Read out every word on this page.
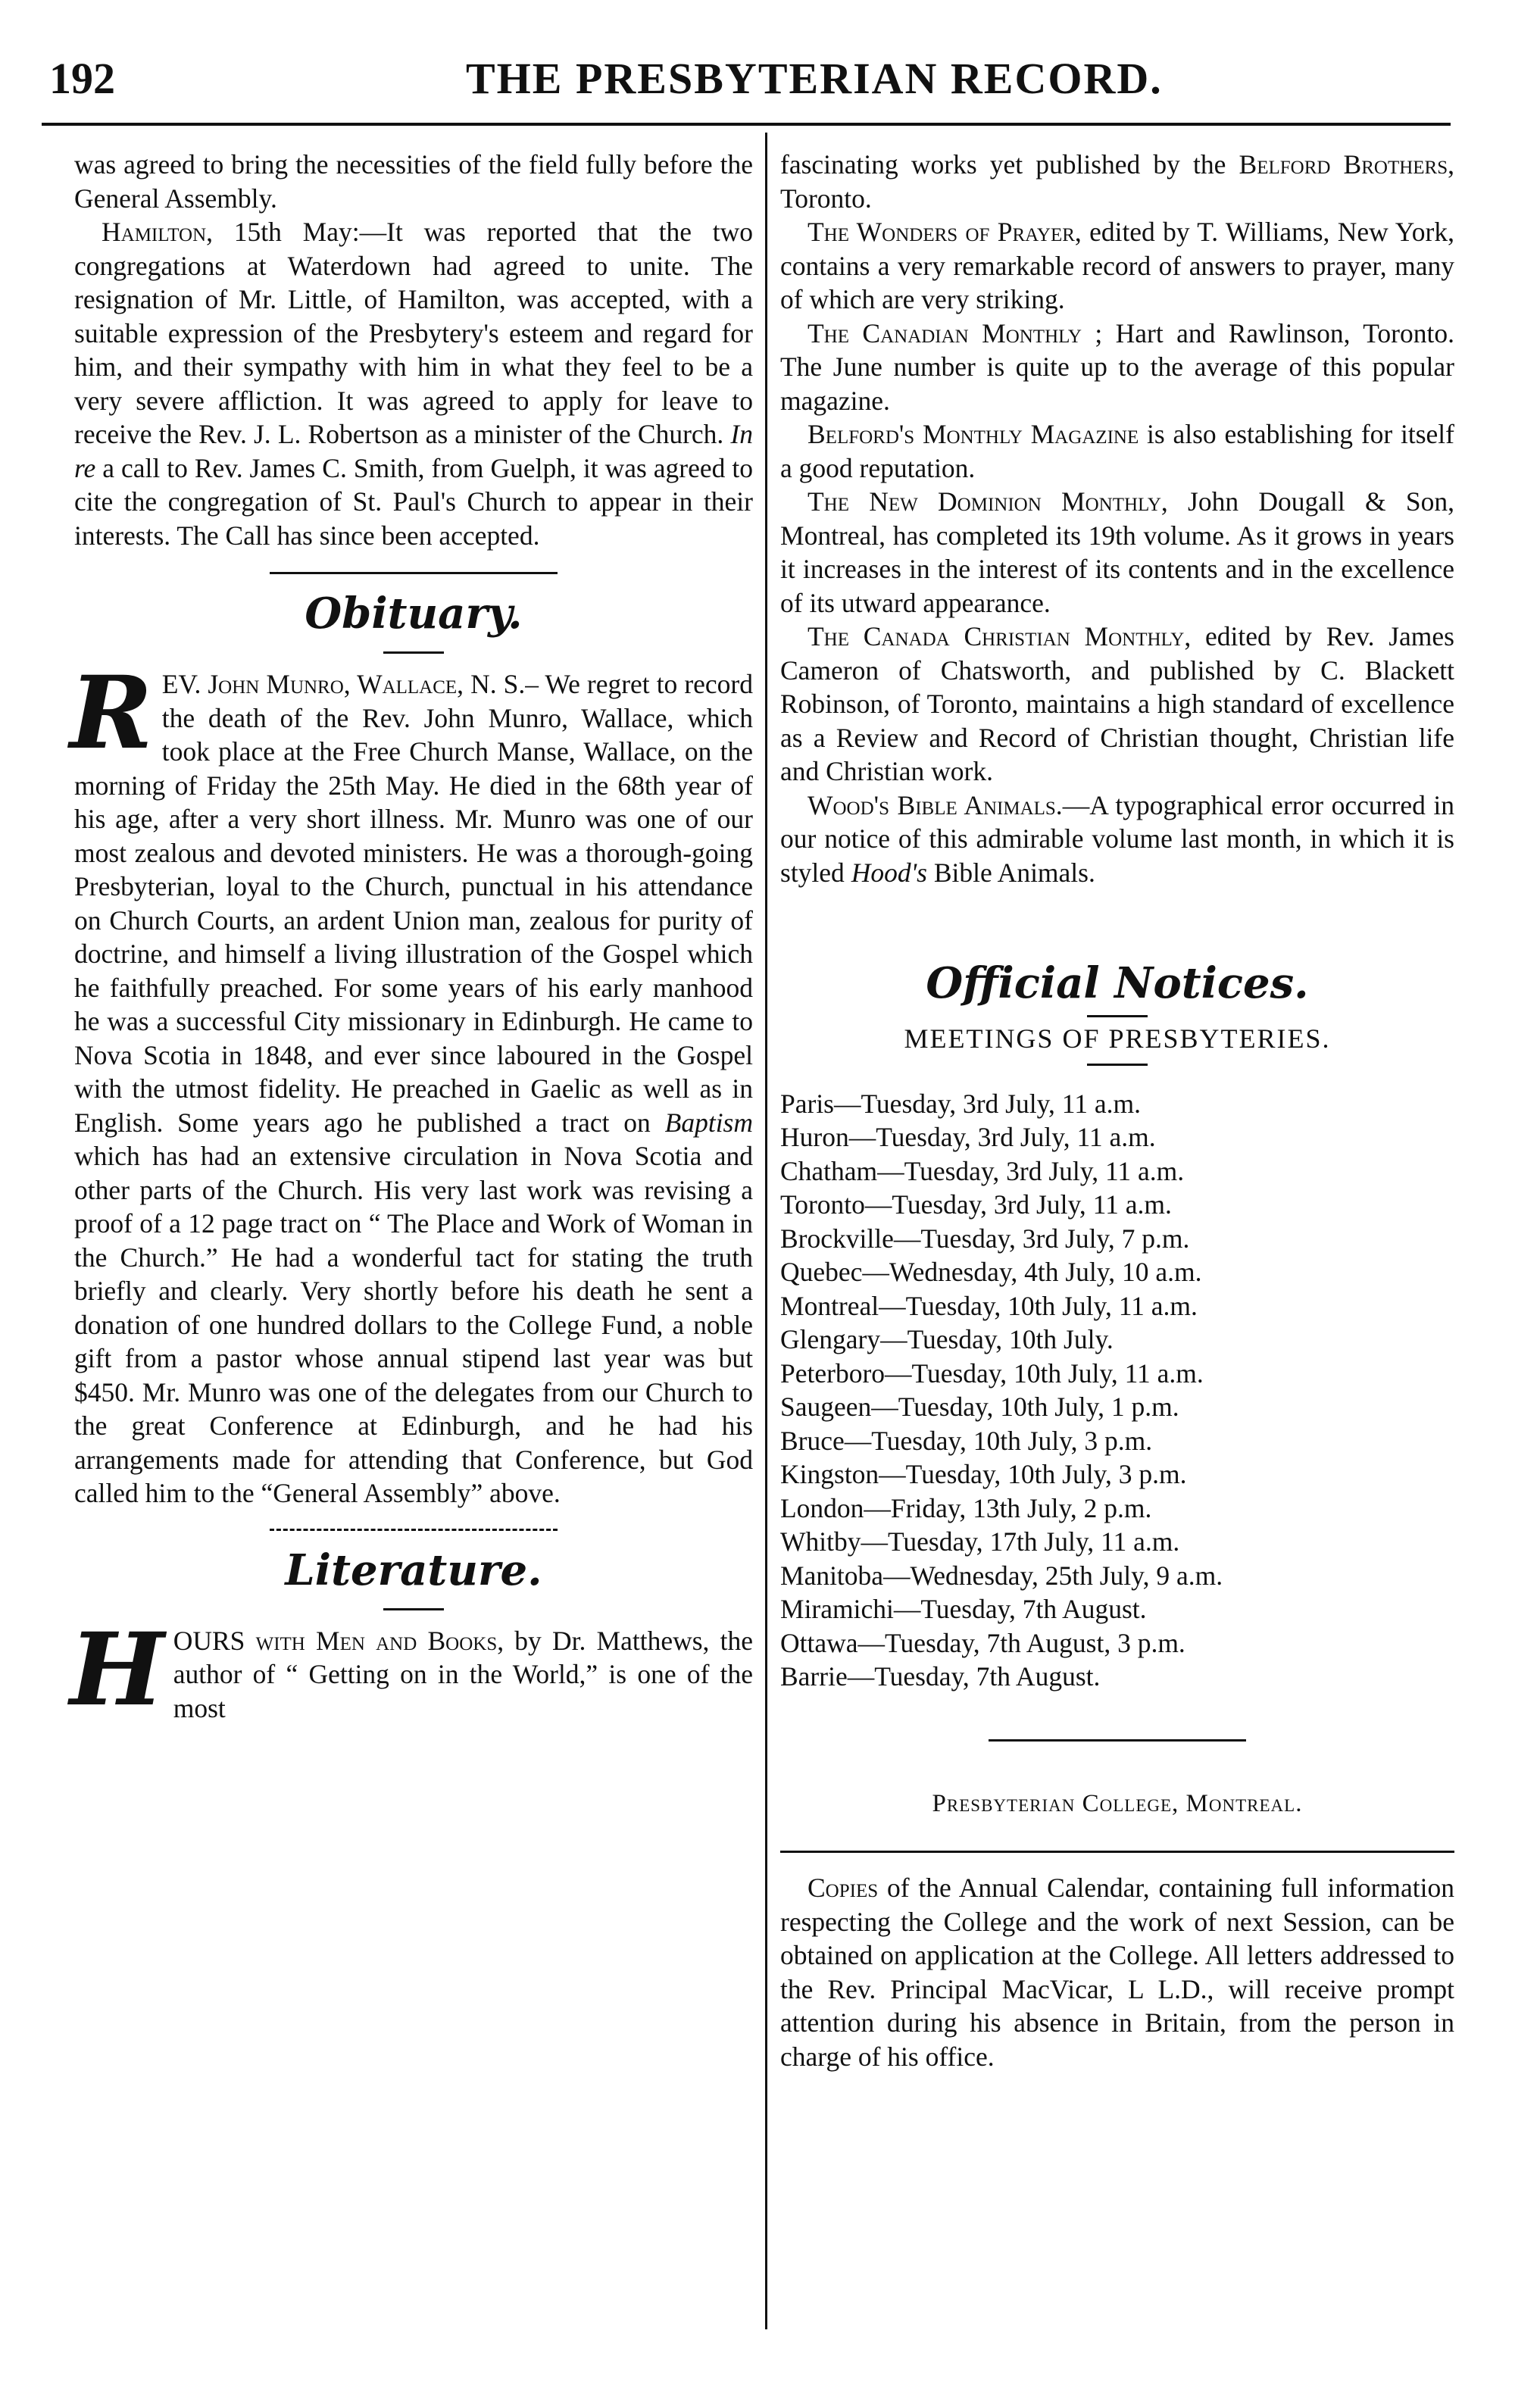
192	THE PRESBYTERIAN RECORD.

was agreed to bring the necessities of the field fully before the General Assembly.

Hamilton, 15th May:—It was reported that the two congregations at Waterdown had agreed to unite. The resignation of Mr. Little, of Hamilton, was accepted, with a suitable expression of the Presbytery's esteem and regard for him, and their sympathy with him in what they feel to be a very severe affliction. It was agreed to apply for leave to receive the Rev. J. L. Robertson as a minister of the Church. In re a call to Rev. James C. Smith, from Guelph, it was agreed to cite the congregation of St. Paul's Church to appear in their interests. The Call has since been accepted.

Obituary.

REV. John Munro, Wallace, N. S.– We regret to record the death of the Rev. John Munro, Wallace, which took place at the Free Church Manse, Wallace, on the morning of Friday the 25th May. He died in the 68th year of his age, after a very short illness. Mr. Munro was one of our most zealous and devoted ministers. He was a thorough-going Presbyterian, loyal to the Church, punctual in his attendance on Church Courts, an ardent Union man, zealous for purity of doctrine, and himself a living illustration of the Gospel which he faithfully preached. For some years of his early manhood he was a successful City missionary in Edinburgh. He came to Nova Scotia in 1848, and ever since laboured in the Gospel with the utmost fidelity. He preached in Gaelic as well as in English. Some years ago he published a tract on Baptism which has had an extensive circulation in Nova Scotia and other parts of the Church. His very last work was revising a proof of a 12 page tract on “ The Place and Work of Woman in the Church.” He had a wonderful tact for stating the truth briefly and clearly. Very shortly before his death he sent a donation of one hundred dollars to the College Fund, a noble gift from a pastor whose annual stipend last year was but $450. Mr. Munro was one of the delegates from our Church to the great Conference at Edinburgh, and he had his arrangements made for attending that Conference, but God called him to the “General Assembly” above.

Literature.

HOURS with Men and Books, by Dr. Matthews, the author of “ Getting on in the World,” is one of the most

fascinating works yet published by the Belford Brothers, Toronto.

The Wonders of Prayer, edited by T. Williams, New York, contains a very remarkable record of answers to prayer, many of which are very striking.

The Canadian Monthly ; Hart and Rawlinson, Toronto. The June number is quite up to the average of this popular magazine.

Belford's Monthly Magazine is also establishing for itself a good reputation.

The New Dominion Monthly, John Dougall & Son, Montreal, has completed its 19th volume. As it grows in years it increases in the interest of its contents and in the excellence of its utward appearance.

The Canada Christian Monthly, edited by Rev. James Cameron of Chatsworth, and published by C. Blackett Robinson, of Toronto, maintains a high standard of excellence as a Review and Record of Christian thought, Christian life and Christian work.

Wood's Bible Animals.—A typographical error occurred in our notice of this admirable volume last month, in which it is styled Hood's Bible Animals.

Official Notices.
MEETINGS OF PRESBYTERIES.
Paris—Tuesday, 3rd July, 11 a.m.
Huron—Tuesday, 3rd July, 11 a.m.
Chatham—Tuesday, 3rd July, 11 a.m.
Toronto—Tuesday, 3rd July, 11 a.m.
Brockville—Tuesday, 3rd July, 7 p.m.
Quebec—Wednesday, 4th July, 10 a.m.
Montreal—Tuesday, 10th July, 11 a.m.
Glengary—Tuesday, 10th July.
Peterboro—Tuesday, 10th July, 11 a.m.
Saugeen—Tuesday, 10th July, 1 p.m.
Bruce—Tuesday, 10th July, 3 p.m.
Kingston—Tuesday, 10th July, 3 p.m.
London—Friday, 13th July, 2 p.m.
Whitby—Tuesday, 17th July, 11 a.m.
Manitoba—Wednesday, 25th July, 9 a.m.
Miramichi—Tuesday, 7th August.
Ottawa—Tuesday, 7th August, 3 p.m.
Barrie—Tuesday, 7th August.
Presbyterian College, Montreal.

Copies of the Annual Calendar, containing full information respecting the College and the work of next Session, can be obtained on application at the College. All letters addressed to the Rev. Principal MacVicar, L L.D., will receive prompt attention during his absence in Britain, from the person in charge of his office.
